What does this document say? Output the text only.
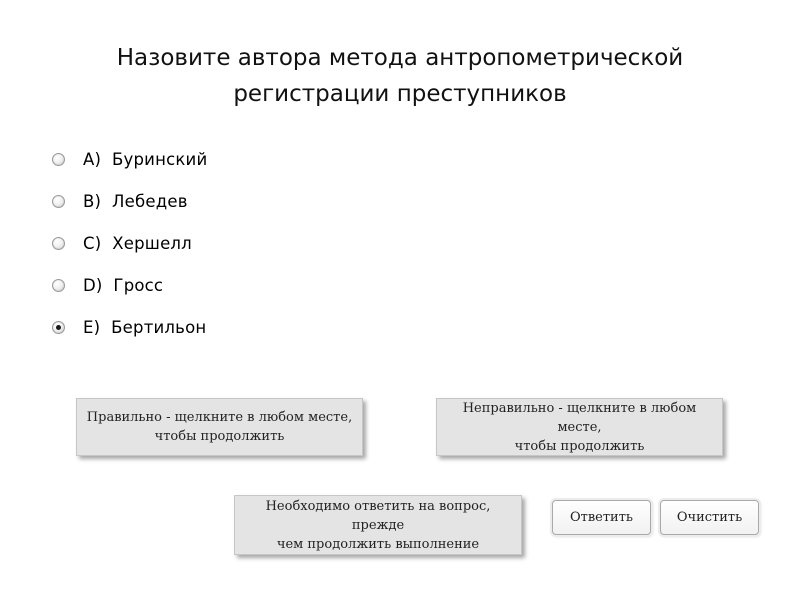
Назовите автора метода антропометрической
регистрации преступников
A)  Буринский
B)  Лебедев
C)  Хершелл
D)  Гросс
E)  Бертильон
Правильно - щелкните в любом месте,
чтобы продолжить
Неправильно - щелкните в любом месте,
чтобы продолжить
Необходимо ответить на вопрос, прежде
чем продолжить выполнение
Ответить	Очистить
